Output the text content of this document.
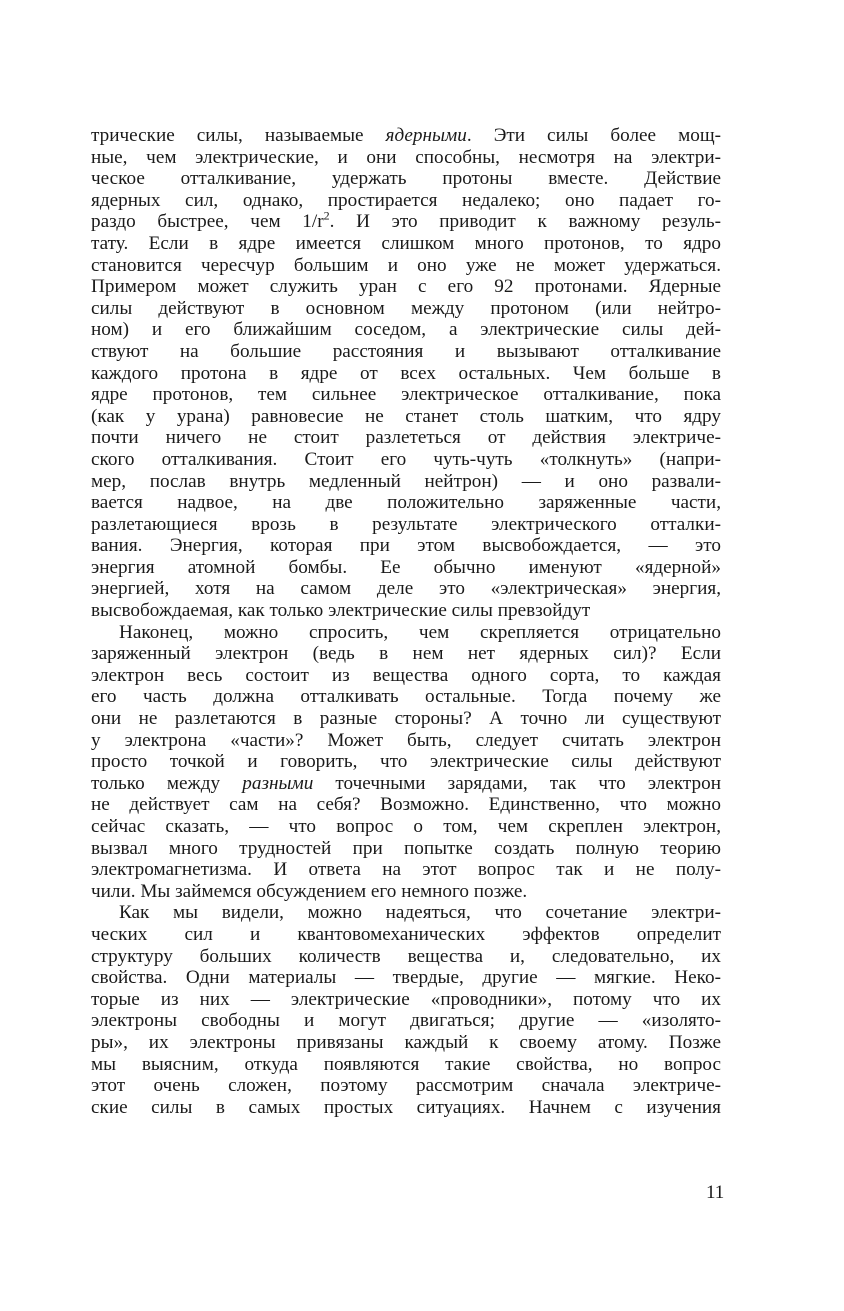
трические силы, называемые ядерными. Эти силы более мощ-
ные, чем электрические, и они способны, несмотря на электри-
ческое отталкивание, удержать протоны вместе. Действие
ядерных сил, однако, простирается недалеко; оно падает го-
раздо быстрее, чем $1/r^2$. И это приводит к важному резуль-
тату. Если в ядре имеется слишком много протонов, то ядро
становится чересчур большим и оно уже не может удержаться.
Примером может служить уран с его 92 протонами. Ядерные
силы действуют в основном между протоном (или нейтро-
ном) и его ближайшим соседом, а электрические силы дей-
ствуют на большие расстояния и вызывают отталкивание
каждого протона в ядре от всех остальных. Чем больше в
ядре протонов, тем сильнее электрическое отталкивание, пока
(как у урана) равновесие не станет столь шатким, что ядру
почти ничего не стоит разлететься от действия электриче-
ского отталкивания. Стоит его чуть-чуть «толкнуть» (напри-
мер, послав внутрь медленный нейтрон) — и оно развали-
вается надвое, на две положительно заряженные части,
разлетающиеся врозь в результате электрического отталки-
вания. Энергия, которая при этом высвобождается, — это
энергия атомной бомбы. Ее обычно именуют «ядерной»
энергией, хотя на самом деле это «электрическая» энергия,
высвобождаемая, как только электрические силы превзойдут
Наконец, можно спросить, чем скрепляется отрицательно
заряженный электрон (ведь в нем нет ядерных сил)? Если
электрон весь состоит из вещества одного сорта, то каждая
его часть должна отталкивать остальные. Тогда почему же
они не разлетаются в разные стороны? А точно ли существуют
у электрона «части»? Может быть, следует считать электрон
просто точкой и говорить, что электрические силы действуют
только между разными точечными зарядами, так что электрон
не действует сам на себя? Возможно. Единственно, что можно
сейчас сказать, — что вопрос о том, чем скреплен электрон,
вызвал много трудностей при попытке создать полную теорию
электромагнетизма. И ответа на этот вопрос так и не полу-
чили. Мы займемся обсуждением его немного позже.
Как мы видели, можно надеяться, что сочетание электри-
ческих сил и квантовомеханических эффектов определит
структуру больших количеств вещества и, следовательно, их
свойства. Одни материалы — твердые, другие — мягкие. Неко-
торые из них — электрические «проводники», потому что их
электроны свободны и могут двигаться; другие — «изолято-
ры», их электроны привязаны каждый к своему атому. Позже
мы выясним, откуда появляются такие свойства, но вопрос
этот очень сложен, поэтому рассмотрим сначала электриче-
ские силы в самых простых ситуациях. Начнем с изучения
11
